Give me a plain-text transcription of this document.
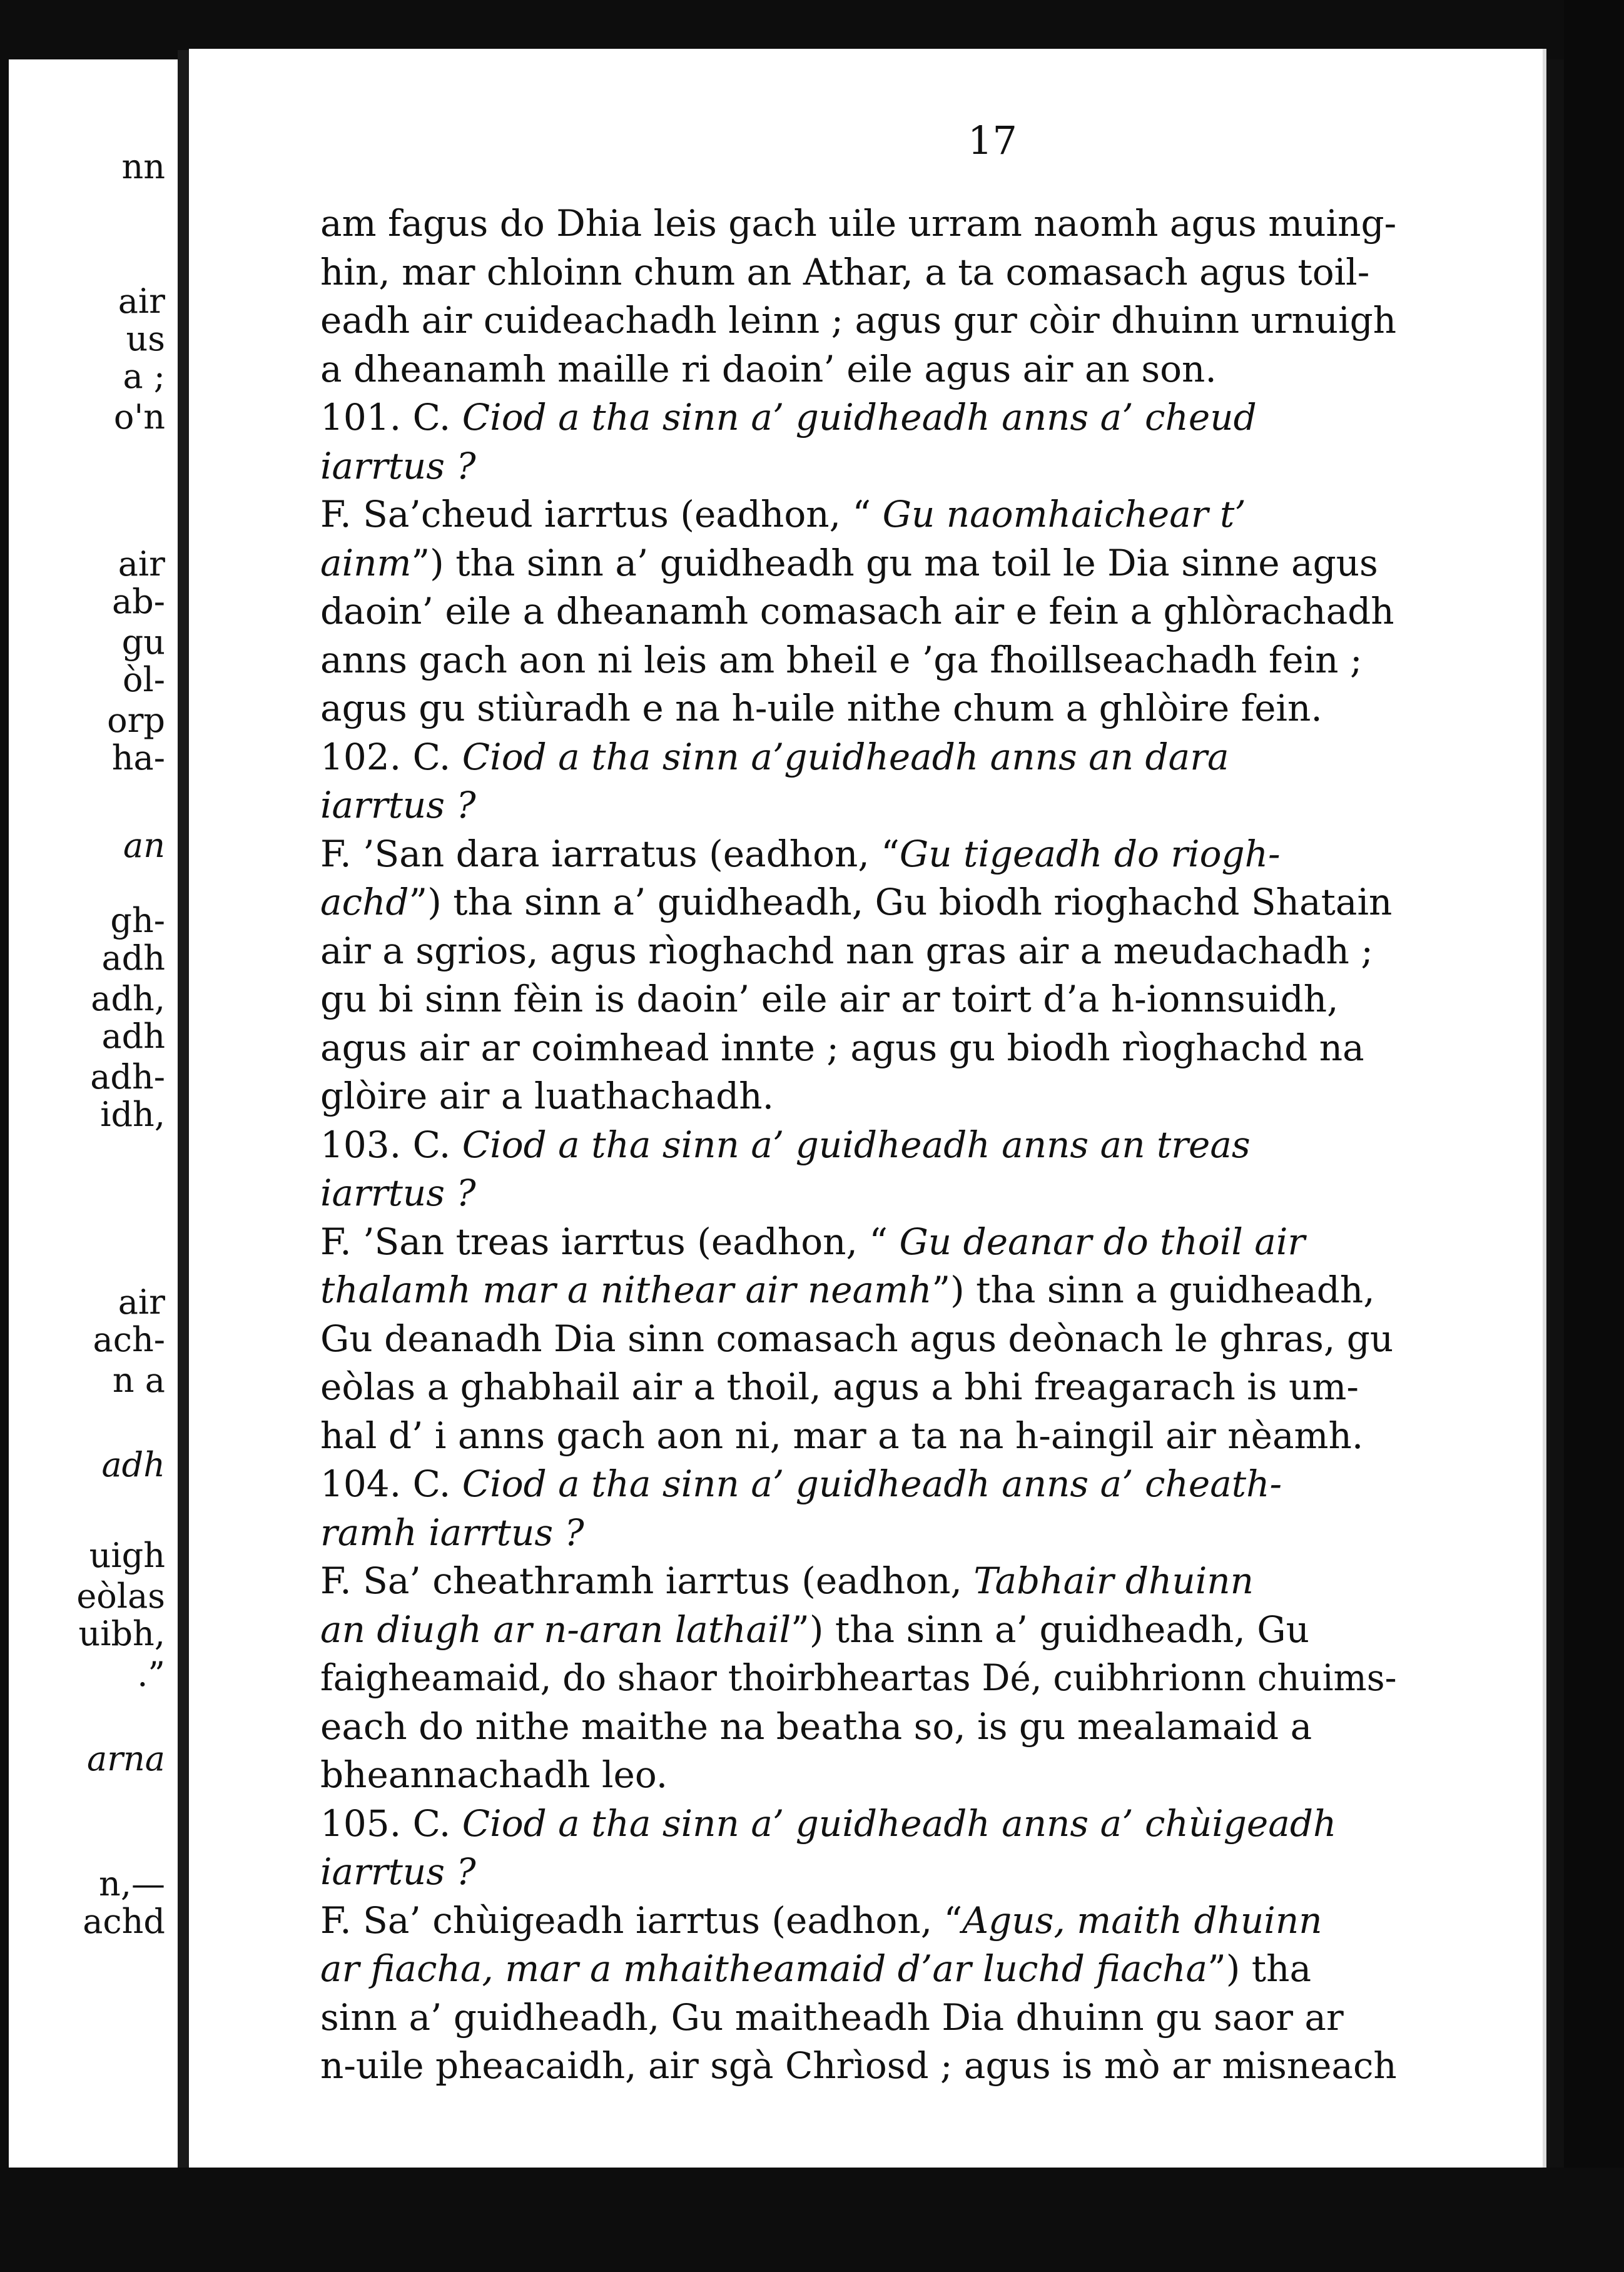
nn
air
us
a ;
o'n
air
ab-
gu
òl-
orp
ha-
an
gh-
adh
adh,
adh
adh-
idh,
air
ach-
n a
adh
uigh
eòlas
uibh,
.”
arna
n,—
achd
17
am fagus do Dhia leis gach uile urram naomh agus muing-
hin, mar chloinn chum an Athar, a ta comasach agus toil-
eadh air cuideachadh leinn ; agus gur còir dhuinn urnuigh
a dheanamh maille ri daoin’ eile agus air an son.
101. C. Ciod a tha sinn a’ guidheadh anns a’ cheud
iarrtus ?
F. Sa’cheud iarrtus (eadhon, “ Gu naomhaichear t’
ainm”) tha sinn a’ guidheadh gu ma toil le Dia sinne agus
daoin’ eile a dheanamh comasach air e fein a ghlòrachadh
anns gach aon ni leis am bheil e ’ga fhoillseachadh fein ;
agus gu stiùradh e na h-uile nithe chum a ghlòire fein.
102. C. Ciod a tha sinn a’guidheadh anns an dara
iarrtus ?
F. ’San dara iarratus (eadhon, “Gu tigeadh do riogh-
achd”) tha sinn a’ guidheadh, Gu biodh rioghachd Shatain
air a sgrios, agus rìoghachd nan gras air a meudachadh ;
gu bi sinn fèin is daoin’ eile air ar toirt d’a h-ionnsuidh,
agus air ar coimhead innte ; agus gu biodh rìoghachd na
glòire air a luathachadh.
103. C. Ciod a tha sinn a’ guidheadh anns an treas
iarrtus ?
F. ’San treas iarrtus (eadhon, “ Gu deanar do thoil air
thalamh mar a nithear air neamh”) tha sinn a guidheadh,
Gu deanadh Dia sinn comasach agus deònach le ghras, gu
eòlas a ghabhail air a thoil, agus a bhi freagarach is um-
hal d’ i anns gach aon ni, mar a ta na h-aingil air nèamh.
104. C. Ciod a tha sinn a’ guidheadh anns a’ cheath-
ramh iarrtus ?
F. Sa’ cheathramh iarrtus (eadhon, Tabhair dhuinn
an diugh ar n-aran lathail”) tha sinn a’ guidheadh, Gu
faigheamaid, do shaor thoirbheartas Dé, cuibhrionn chuims-
each do nithe maithe na beatha so, is gu mealamaid a
bheannachadh leo.
105. C. Ciod a tha sinn a’ guidheadh anns a’ chùigeadh
iarrtus ?
F. Sa’ chùigeadh iarrtus (eadhon, “Agus, maith dhuinn
ar fiacha, mar a mhaitheamaid d’ar luchd fiacha”) tha
sinn a’ guidheadh, Gu maitheadh Dia dhuinn gu saor ar
n-uile pheacaidh, air sgà Chrìosd ; agus is mò ar misneach
